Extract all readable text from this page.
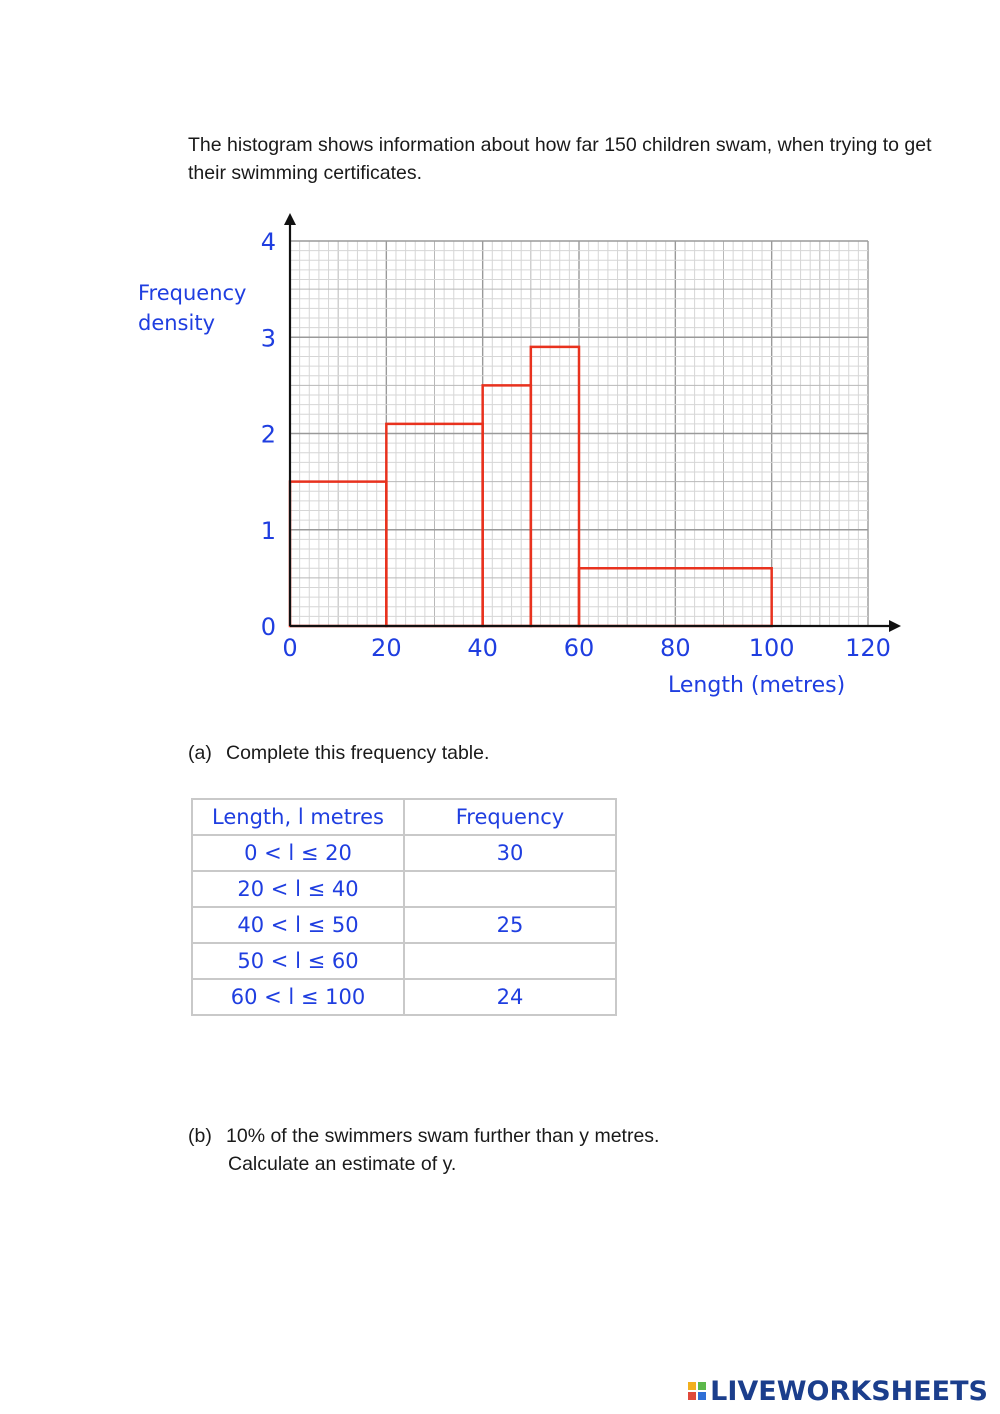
The histogram shows information about how far 150 children swam, when trying to get their swimming certificates.

0	20	40	60	80 100 120
0
1
2
3
4
Frequency
density
Length (metres)

(a) Complete this frequency table.

Length, l metres	Frequency
0 < l ≤ 20	30
20 < l ≤ 40	
40 < l ≤ 50	25
50 < l ≤ 60	
60 < l ≤ 100	24

(b) 10% of the swimmers swam further than y metres.
Calculate an estimate of y.

LIVEWORKSHEETS
